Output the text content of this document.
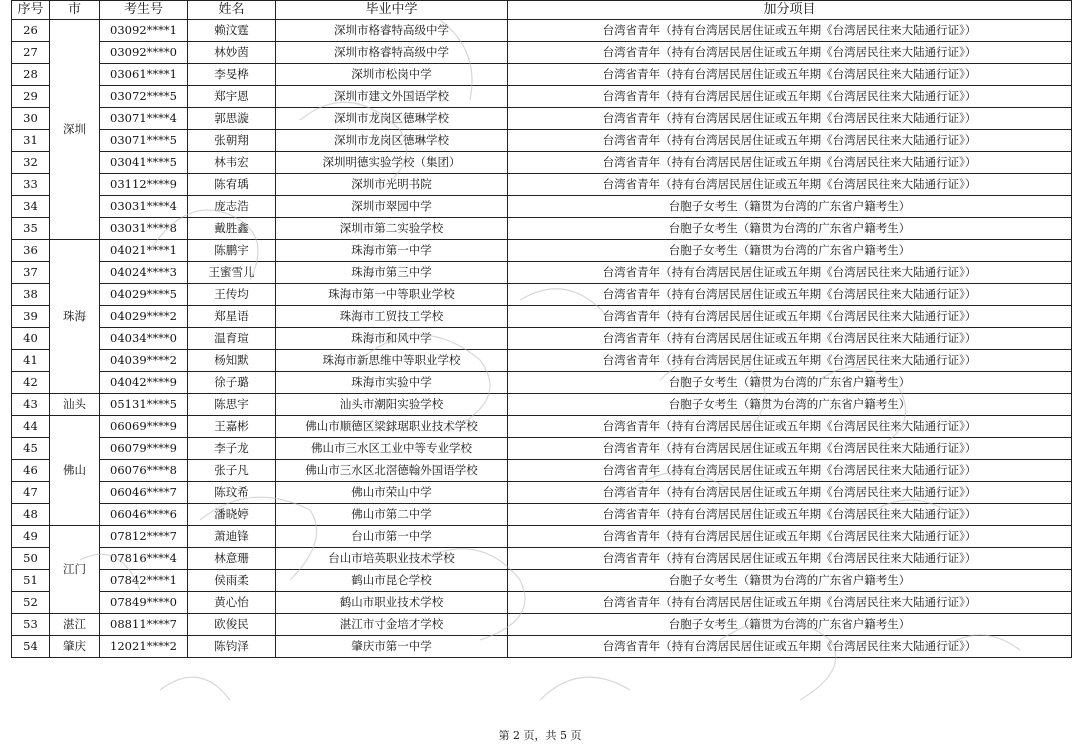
序号	市	考生号	姓名	毕业中学	加分项目
26	深圳	03092****1	赖汶霆	深圳市格睿特高级中学	台湾省青年（持有台湾居民居住证或五年期《台湾居民往来大陆通行证》）
27		03092****0	林妙茵	深圳市格睿特高级中学	台湾省青年（持有台湾居民居住证或五年期《台湾居民往来大陆通行证》）
28		03061****1	李旻桦	深圳市松岗中学	台湾省青年（持有台湾居民居住证或五年期《台湾居民往来大陆通行证》）
29		03072****5	郑宇恩	深圳市建文外国语学校	台湾省青年（持有台湾居民居住证或五年期《台湾居民往来大陆通行证》）
30		03071****4	郭思漩	深圳市龙岗区德琳学校	台湾省青年（持有台湾居民居住证或五年期《台湾居民往来大陆通行证》）
31		03071****5	张朝翔	深圳市龙岗区德琳学校	台湾省青年（持有台湾居民居住证或五年期《台湾居民往来大陆通行证》）
32		03041****5	林韦宏	深圳明德实验学校（集团）	台湾省青年（持有台湾居民居住证或五年期《台湾居民往来大陆通行证》）
33		03112****9	陈宥瑀	深圳市光明书院	台湾省青年（持有台湾居民居住证或五年期《台湾居民往来大陆通行证》）
34		03031****4	庞志浩	深圳市翠园中学	台胞子女考生（籍贯为台湾的广东省户籍考生）
35		03031****8	戴胜鑫	深圳市第二实验学校	台胞子女考生（籍贯为台湾的广东省户籍考生）
36	珠海	04021****1	陈鹏宇	珠海市第一中学	台胞子女考生（籍贯为台湾的广东省户籍考生）
37		04024****3	王蜜雪儿	珠海市第三中学	台湾省青年（持有台湾居民居住证或五年期《台湾居民往来大陆通行证》）
38		04029****5	王传均	珠海市第一中等职业学校	台湾省青年（持有台湾居民居住证或五年期《台湾居民往来大陆通行证》）
39		04029****2	郑星语	珠海市工贸技工学校	台湾省青年（持有台湾居民居住证或五年期《台湾居民往来大陆通行证》）
40		04034****0	温育瑄	珠海市和风中学	台湾省青年（持有台湾居民居住证或五年期《台湾居民往来大陆通行证》）
41		04039****2	杨知默	珠海市新思维中等职业学校	台湾省青年（持有台湾居民居住证或五年期《台湾居民往来大陆通行证》）
42		04042****9	徐子璐	珠海市实验中学	台胞子女考生（籍贯为台湾的广东省户籍考生）
43	汕头	05131****5	陈思宇	汕头市潮阳实验学校	台胞子女考生（籍贯为台湾的广东省户籍考生）
44	佛山	06069****9	王嘉彬	佛山市顺德区梁銶琚职业技术学校	台湾省青年（持有台湾居民居住证或五年期《台湾居民往来大陆通行证》）
45		06079****9	李子龙	佛山市三水区工业中等专业学校	台湾省青年（持有台湾居民居住证或五年期《台湾居民往来大陆通行证》）
46		06076****8	张子凡	佛山市三水区北滘德翰外国语学校	台湾省青年（持有台湾居民居住证或五年期《台湾居民往来大陆通行证》）
47		06046****7	陈玟希	佛山市荣山中学	台湾省青年（持有台湾居民居住证或五年期《台湾居民往来大陆通行证》）
48		06046****6	潘晓婷	佛山市第二中学	台湾省青年（持有台湾居民居住证或五年期《台湾居民往来大陆通行证》）
49	江门	07812****7	萧迪锋	台山市第一中学	台湾省青年（持有台湾居民居住证或五年期《台湾居民往来大陆通行证》）
50		07816****4	林意珊	台山市培英职业技术学校	台湾省青年（持有台湾居民居住证或五年期《台湾居民往来大陆通行证》）
51		07842****1	侯雨柔	鹤山市昆仑学校	台胞子女考生（籍贯为台湾的广东省户籍考生）
52		07849****0	黄心怡	鹤山市职业技术学校	台湾省青年（持有台湾居民居住证或五年期《台湾居民往来大陆通行证》）
53	湛江	08811****7	欧俊民	湛江市寸金培才学校	台胞子女考生（籍贯为台湾的广东省户籍考生）
54	肇庆	12021****2	陈钧泽	肇庆市第一中学	台湾省青年（持有台湾居民居住证或五年期《台湾居民往来大陆通行证》）
第 2 页，共 5 页
